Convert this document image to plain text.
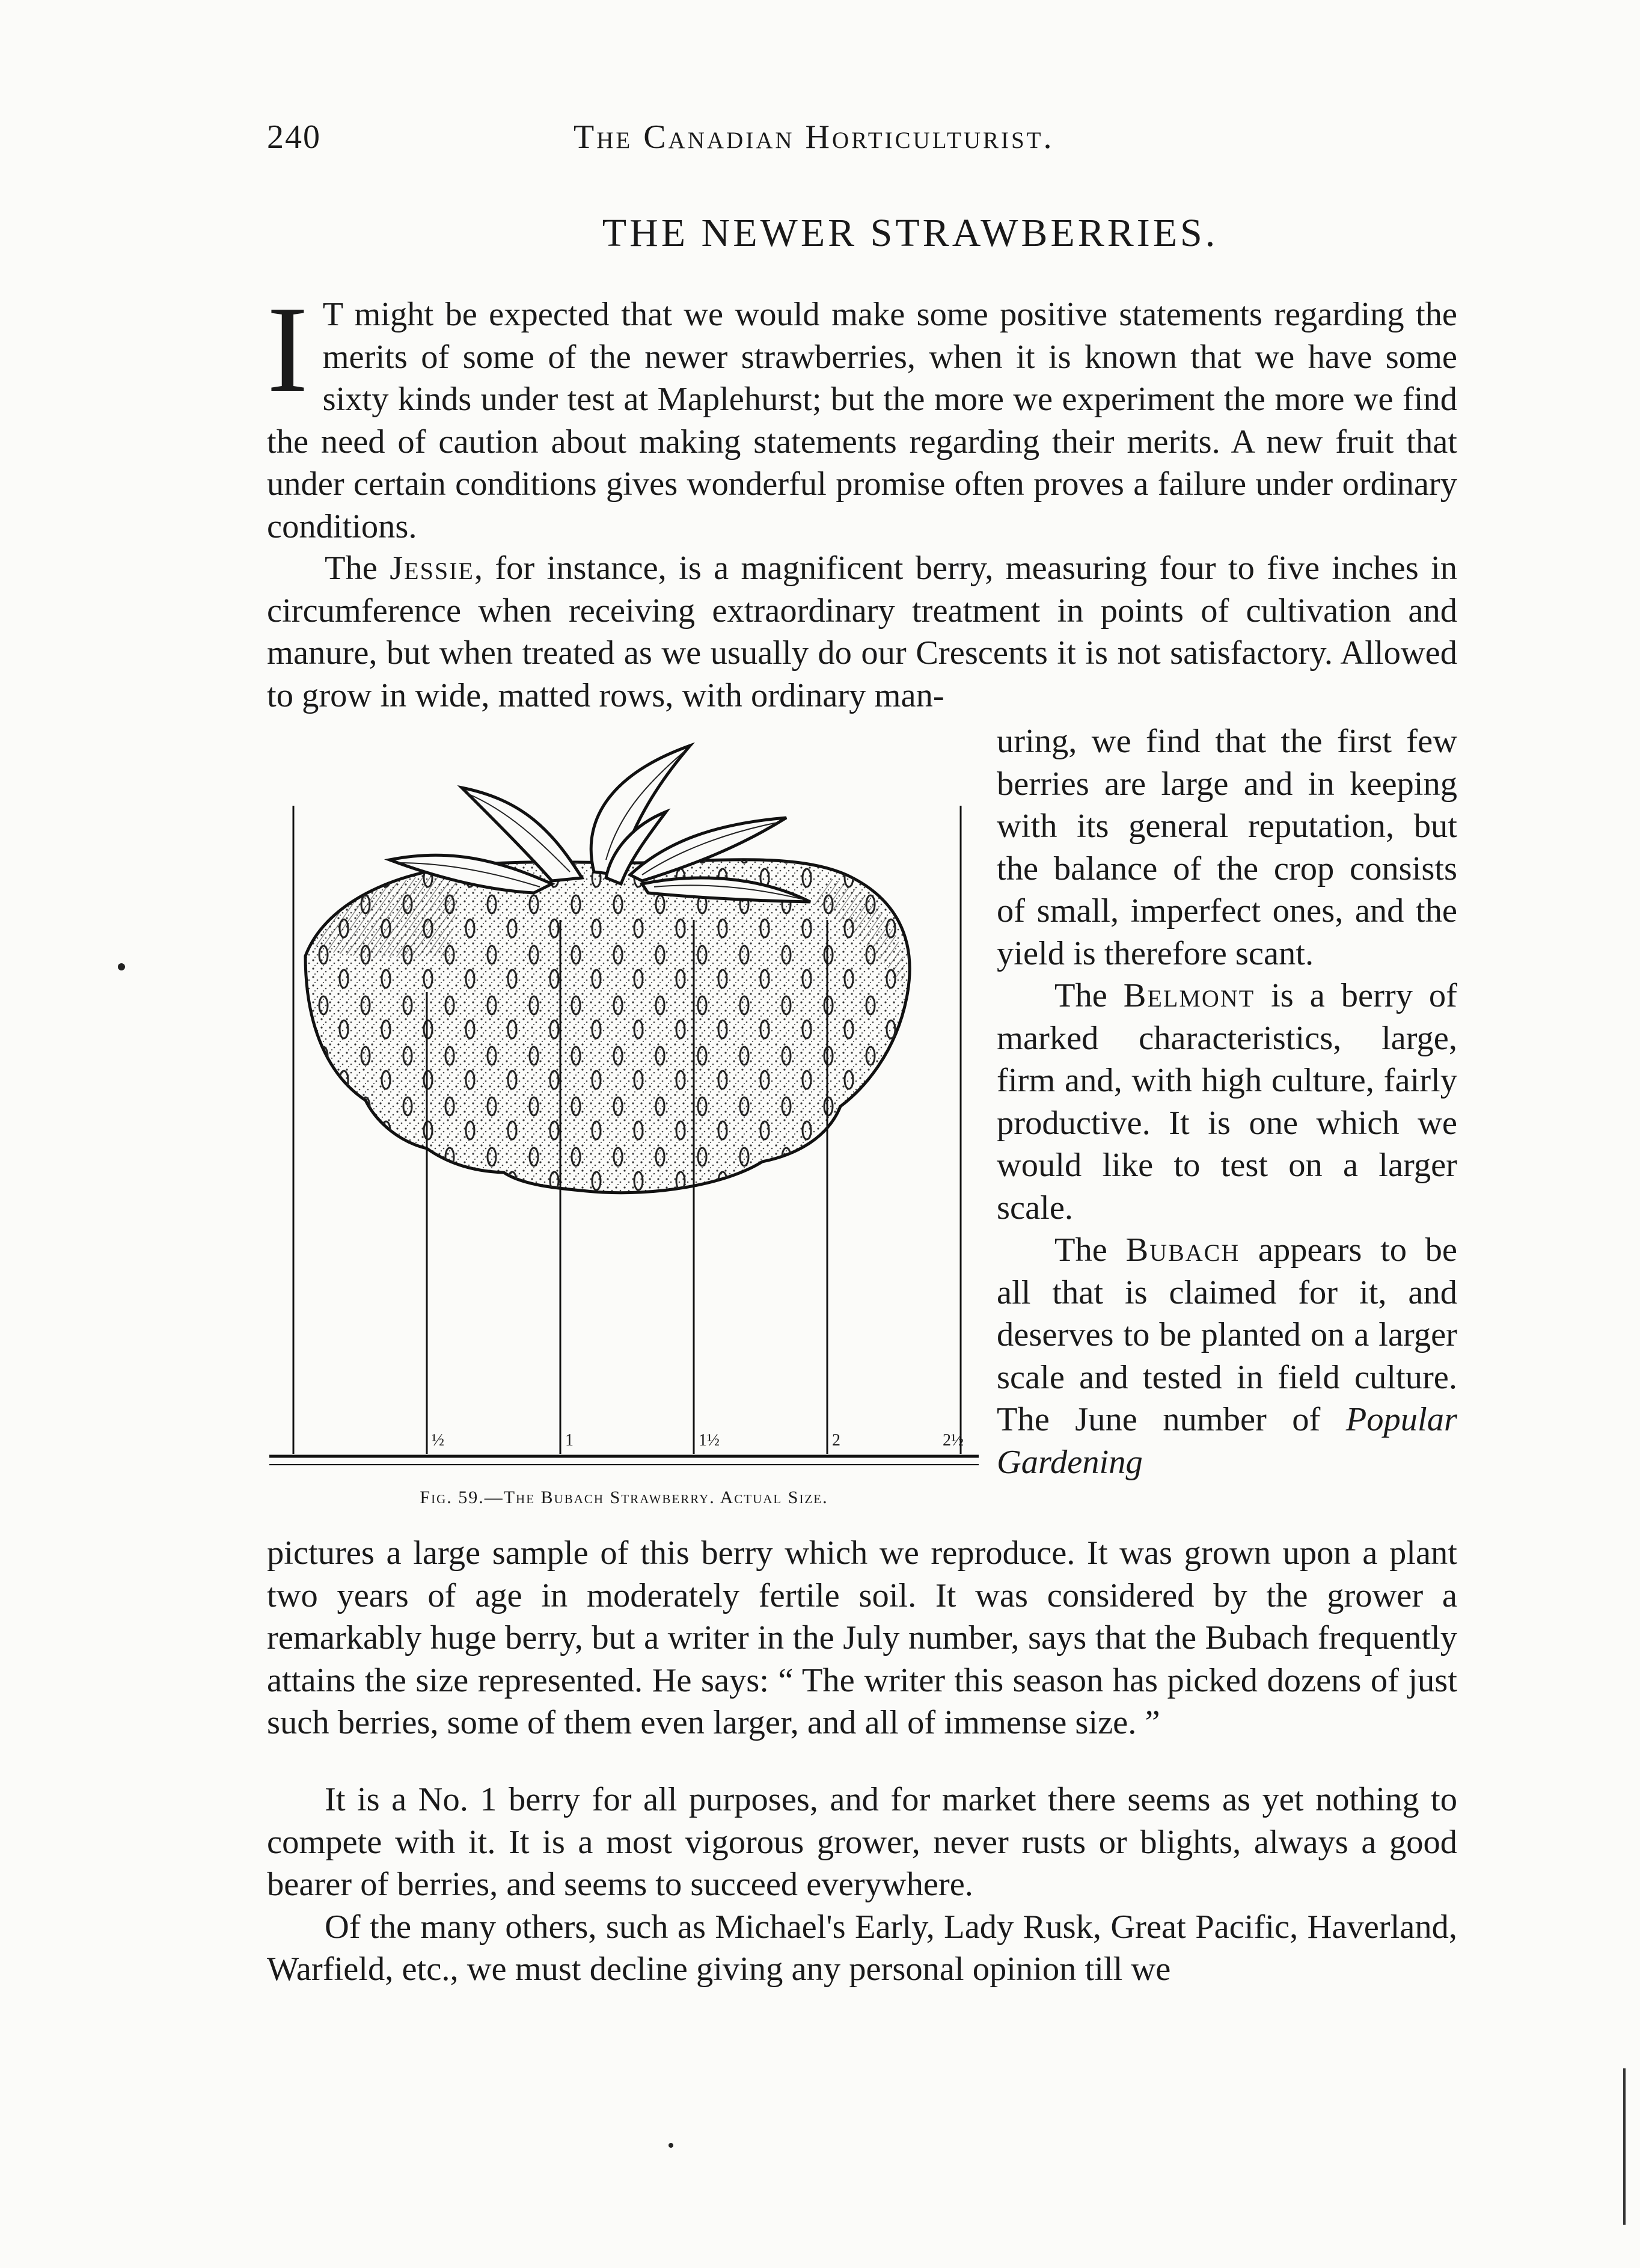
240	The Canadian Horticulturist.
THE NEWER STRAWBERRIES.
I T might be expected that we would make some positive statements regarding the merits of some of the newer strawberries, when it is known that we have some sixty kinds under test at Maplehurst; but the more we experiment the more we find the need of caution about making statements regarding their merits. A new fruit that under certain conditions gives wonderful promise often proves a failure under ordinary conditions.

The Jessie, for instance, is a magnificent berry, measuring four to five inches in circumference when receiving extraordinary treatment in points of cultivation and manure, but when treated as we usually do our Crescents it is not satisfactory. Allowed to grow in wide, matted rows, with ordinary man-

uring, we find that the first few berries are large and in keeping with its general reputation, but the balance of the crop consists of small, imperfect ones, and the yield is therefore scant.

The Belmont is a berry of marked characteristics, large, firm and, with high culture, fairly productive. It is one which we would like to test on a larger scale.

The Bubach appears to be all that is claimed for it, and deserves to be planted on a larger scale and tested in field culture. The June number of Popular Gardening

½	1	1½	2	2½
Fig. 59.—The Bubach Strawberry. Actual Size.
pictures a large sample of this berry which we reproduce. It was grown upon a plant two years of age in moderately fertile soil. It was considered by the grower a remarkably huge berry, but a writer in the July number, says that the Bubach frequently attains the size represented. He says: “ The writer this season has picked dozens of just such berries, some of them even larger, and all of immense size. ”

It is a No. 1 berry for all purposes, and for market there seems as yet nothing to compete with it. It is a most vigorous grower, never rusts or blights, always a good bearer of berries, and seems to succeed everywhere.

Of the many others, such as Michael's Early, Lady Rusk, Great Pacific, Haverland, Warfield, etc., we must decline giving any personal opinion till we
